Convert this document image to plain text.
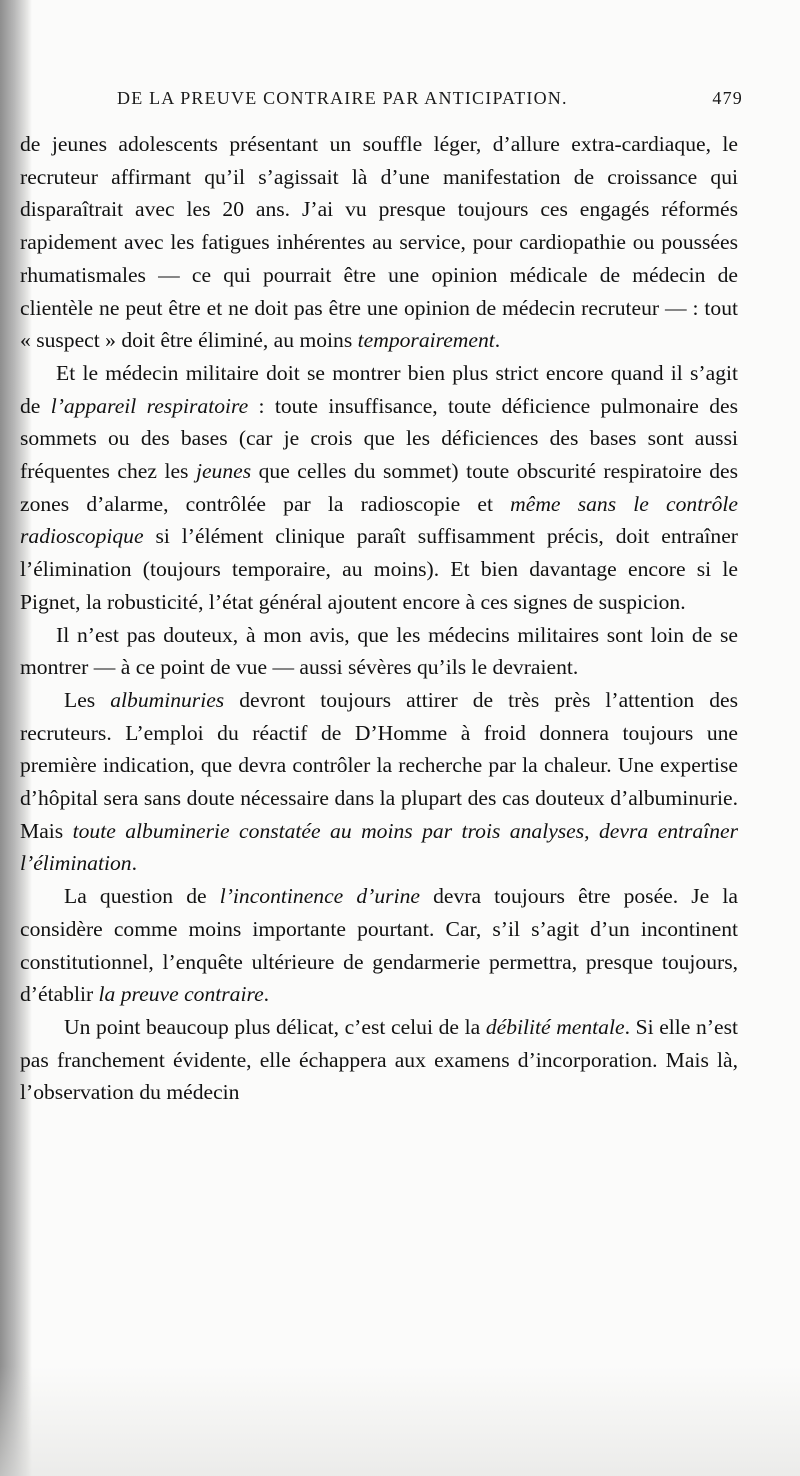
DE LA PREUVE CONTRAIRE PAR ANTICIPATION.	479

de jeunes adolescents présentant un souffle léger, d’allure extra-cardiaque, le recruteur affirmant qu’il s’agissait là d’une manifestation de croissance qui disparaîtrait avec les 20 ans. J’ai vu presque toujours ces engagés réformés rapidement avec les fatigues inhérentes au service, pour cardiopathie ou poussées rhumatismales — ce qui pourrait être une opinion médicale de médecin de clientèle ne peut être et ne doit pas être une opinion de médecin recruteur — : tout « suspect » doit être éliminé, au moins temporairement.

Et le médecin militaire doit se montrer bien plus strict encore quand il s’agit de l’appareil respiratoire : toute insuffisance, toute déficience pulmonaire des sommets ou des bases (car je crois que les déficiences des bases sont aussi fréquentes chez les jeunes que celles du sommet) toute obscurité respiratoire des zones d’alarme, contrôlée par la radioscopie et même sans le contrôle radioscopique si l’élément clinique paraît suffisamment précis, doit entraîner l’élimination (toujours temporaire, au moins). Et bien davantage encore si le Pignet, la robusticité, l’état général ajoutent encore à ces signes de suspicion.

Il n’est pas douteux, à mon avis, que les médecins militaires sont loin de se montrer — à ce point de vue — aussi sévères qu’ils le devraient.

Les albuminuries devront toujours attirer de très près l’attention des recruteurs. L’emploi du réactif de D’Homme à froid donnera toujours une première indication, que devra contrôler la recherche par la chaleur. Une expertise d’hôpital sera sans doute nécessaire dans la plupart des cas douteux d’albuminurie. Mais toute albuminerie constatée au moins par trois analyses, devra entraîner l’élimination.

La question de l’incontinence d’urine devra toujours être posée. Je la considère comme moins importante pourtant. Car, s’il s’agit d’un incontinent constitutionnel, l’enquête ultérieure de gendarmerie permettra, presque toujours, d’établir la preuve contraire.

Un point beaucoup plus délicat, c’est celui de la débilité mentale. Si elle n’est pas franchement évidente, elle échappera aux examens d’incorporation. Mais là, l’observation du médecin
